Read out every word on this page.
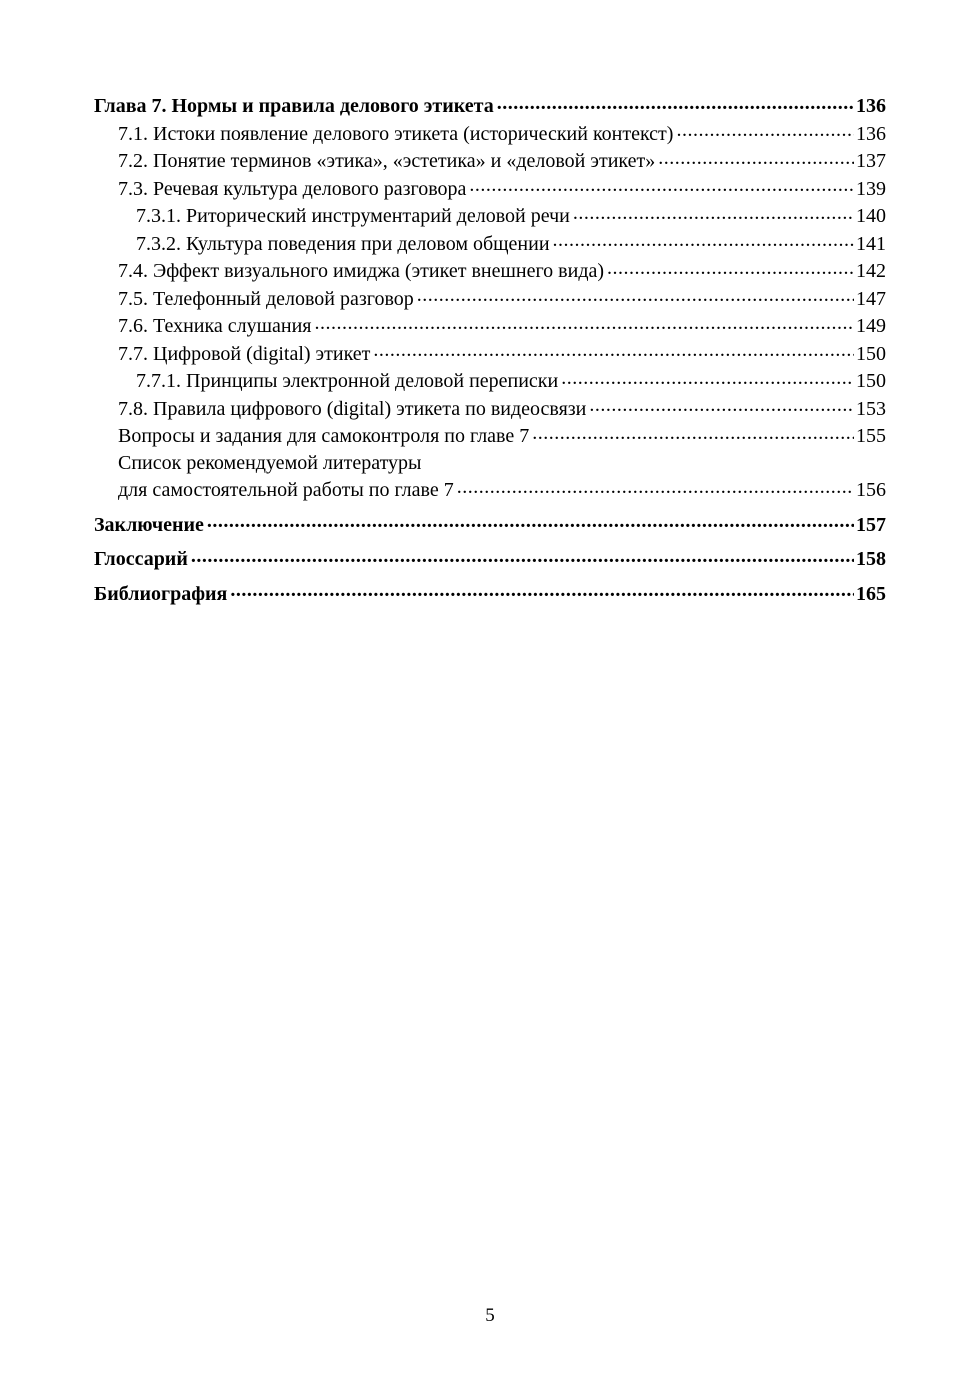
Глава 7. Нормы и правила делового этикета .....	136
7.1. Истоки появление делового этикета (исторический контекст) .....	136
7.2. Понятие терминов «этика», «эстетика» и «деловой этикет» .....	137
7.3. Речевая культура делового разговора .....	139
7.3.1. Риторический инструментарий деловой речи .....	140
7.3.2. Культура поведения при деловом общении .....	141
7.4. Эффект визуального имиджа (этикет внешнего вида) .....	142
7.5. Телефонный деловой разговор .....	147
7.6. Техника слушания .....	149
7.7. Цифровой (digital) этикет .....	150
7.7.1. Принципы электронной деловой переписки .....	150
7.8. Правила цифрового (digital) этикета по видеосвязи .....	153
Вопросы и задания для самоконтроля по главе 7 .....	155
Список рекомендуемой литературы
для самостоятельной работы по главе 7 .....	156
Заключение .....	157
Глоссарий .....	158
Библиография .....	165
5
